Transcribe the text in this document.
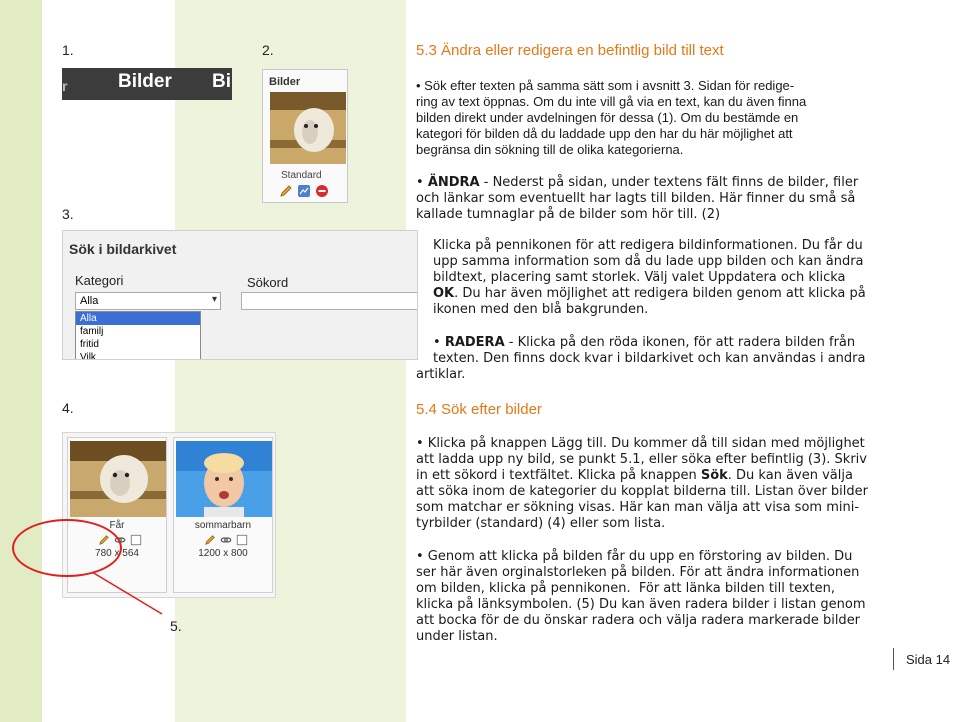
1.	2.
3.
4.
5.
r	Bilder Bi	Bilder
Standard
Sök i bildarkivet
Kategori	Sökord
Alla	▾
Alla
familj
fritid
Vilk
Får
780 x 564
sommarbarn
1200 x 800
5.3 Ändra eller redigera en befintlig bild till text
• Sök efter texten på samma sätt som i avsnitt 3. Sidan för redige-
ring av text öppnas. Om du inte vill gå via en text, kan du även finna
bilden direkt under avdelningen för dessa (1). Om du bestämde en
kategori för bilden då du laddade upp den har du här möjlighet att
begränsa din sökning till de olika kategorierna.
• ÄNDRA - Nederst på sidan, under textens fält finns de bilder, filer
och länkar som eventuellt har lagts till bilden. Här finner du små så
kallade tumnaglar på de bilder som hör till. (2)
Klicka på pennikonen för att redigera bildinformationen. Du får du
upp samma information som då du lade upp bilden och kan ändra
bildtext, placering samt storlek. Välj valet Uppdatera och klicka
OK. Du har även möjlighet att redigera bilden genom att klicka på
ikonen med den blå bakgrunden.
• RADERA - Klicka på den röda ikonen, för att radera bilden från
texten. Den finns dock kvar i bildarkivet och kan användas i andra
artiklar.
5.4 Sök efter bilder
• Klicka på knappen Lägg till. Du kommer då till sidan med möjlighet
att ladda upp ny bild, se punkt 5.1, eller söka efter befintlig (3). Skriv
in ett sökord i textfältet. Klicka på knappen Sök. Du kan även välja
att söka inom de kategorier du kopplat bilderna till. Listan över bilder
som matchar er sökning visas. Här kan man välja att visa som mini-
tyrbilder (standard) (4) eller som lista.
• Genom att klicka på bilden får du upp en förstoring av bilden. Du
ser här även orginalstorleken på bilden. För att ändra informationen
om bilden, klicka på pennikonen.  För att länka bilden till texten,
klicka på länksymbolen. (5) Du kan även radera bilder i listan genom
att bocka för de du önskar radera och välja radera markerade bilder
under listan.
Sida 14
